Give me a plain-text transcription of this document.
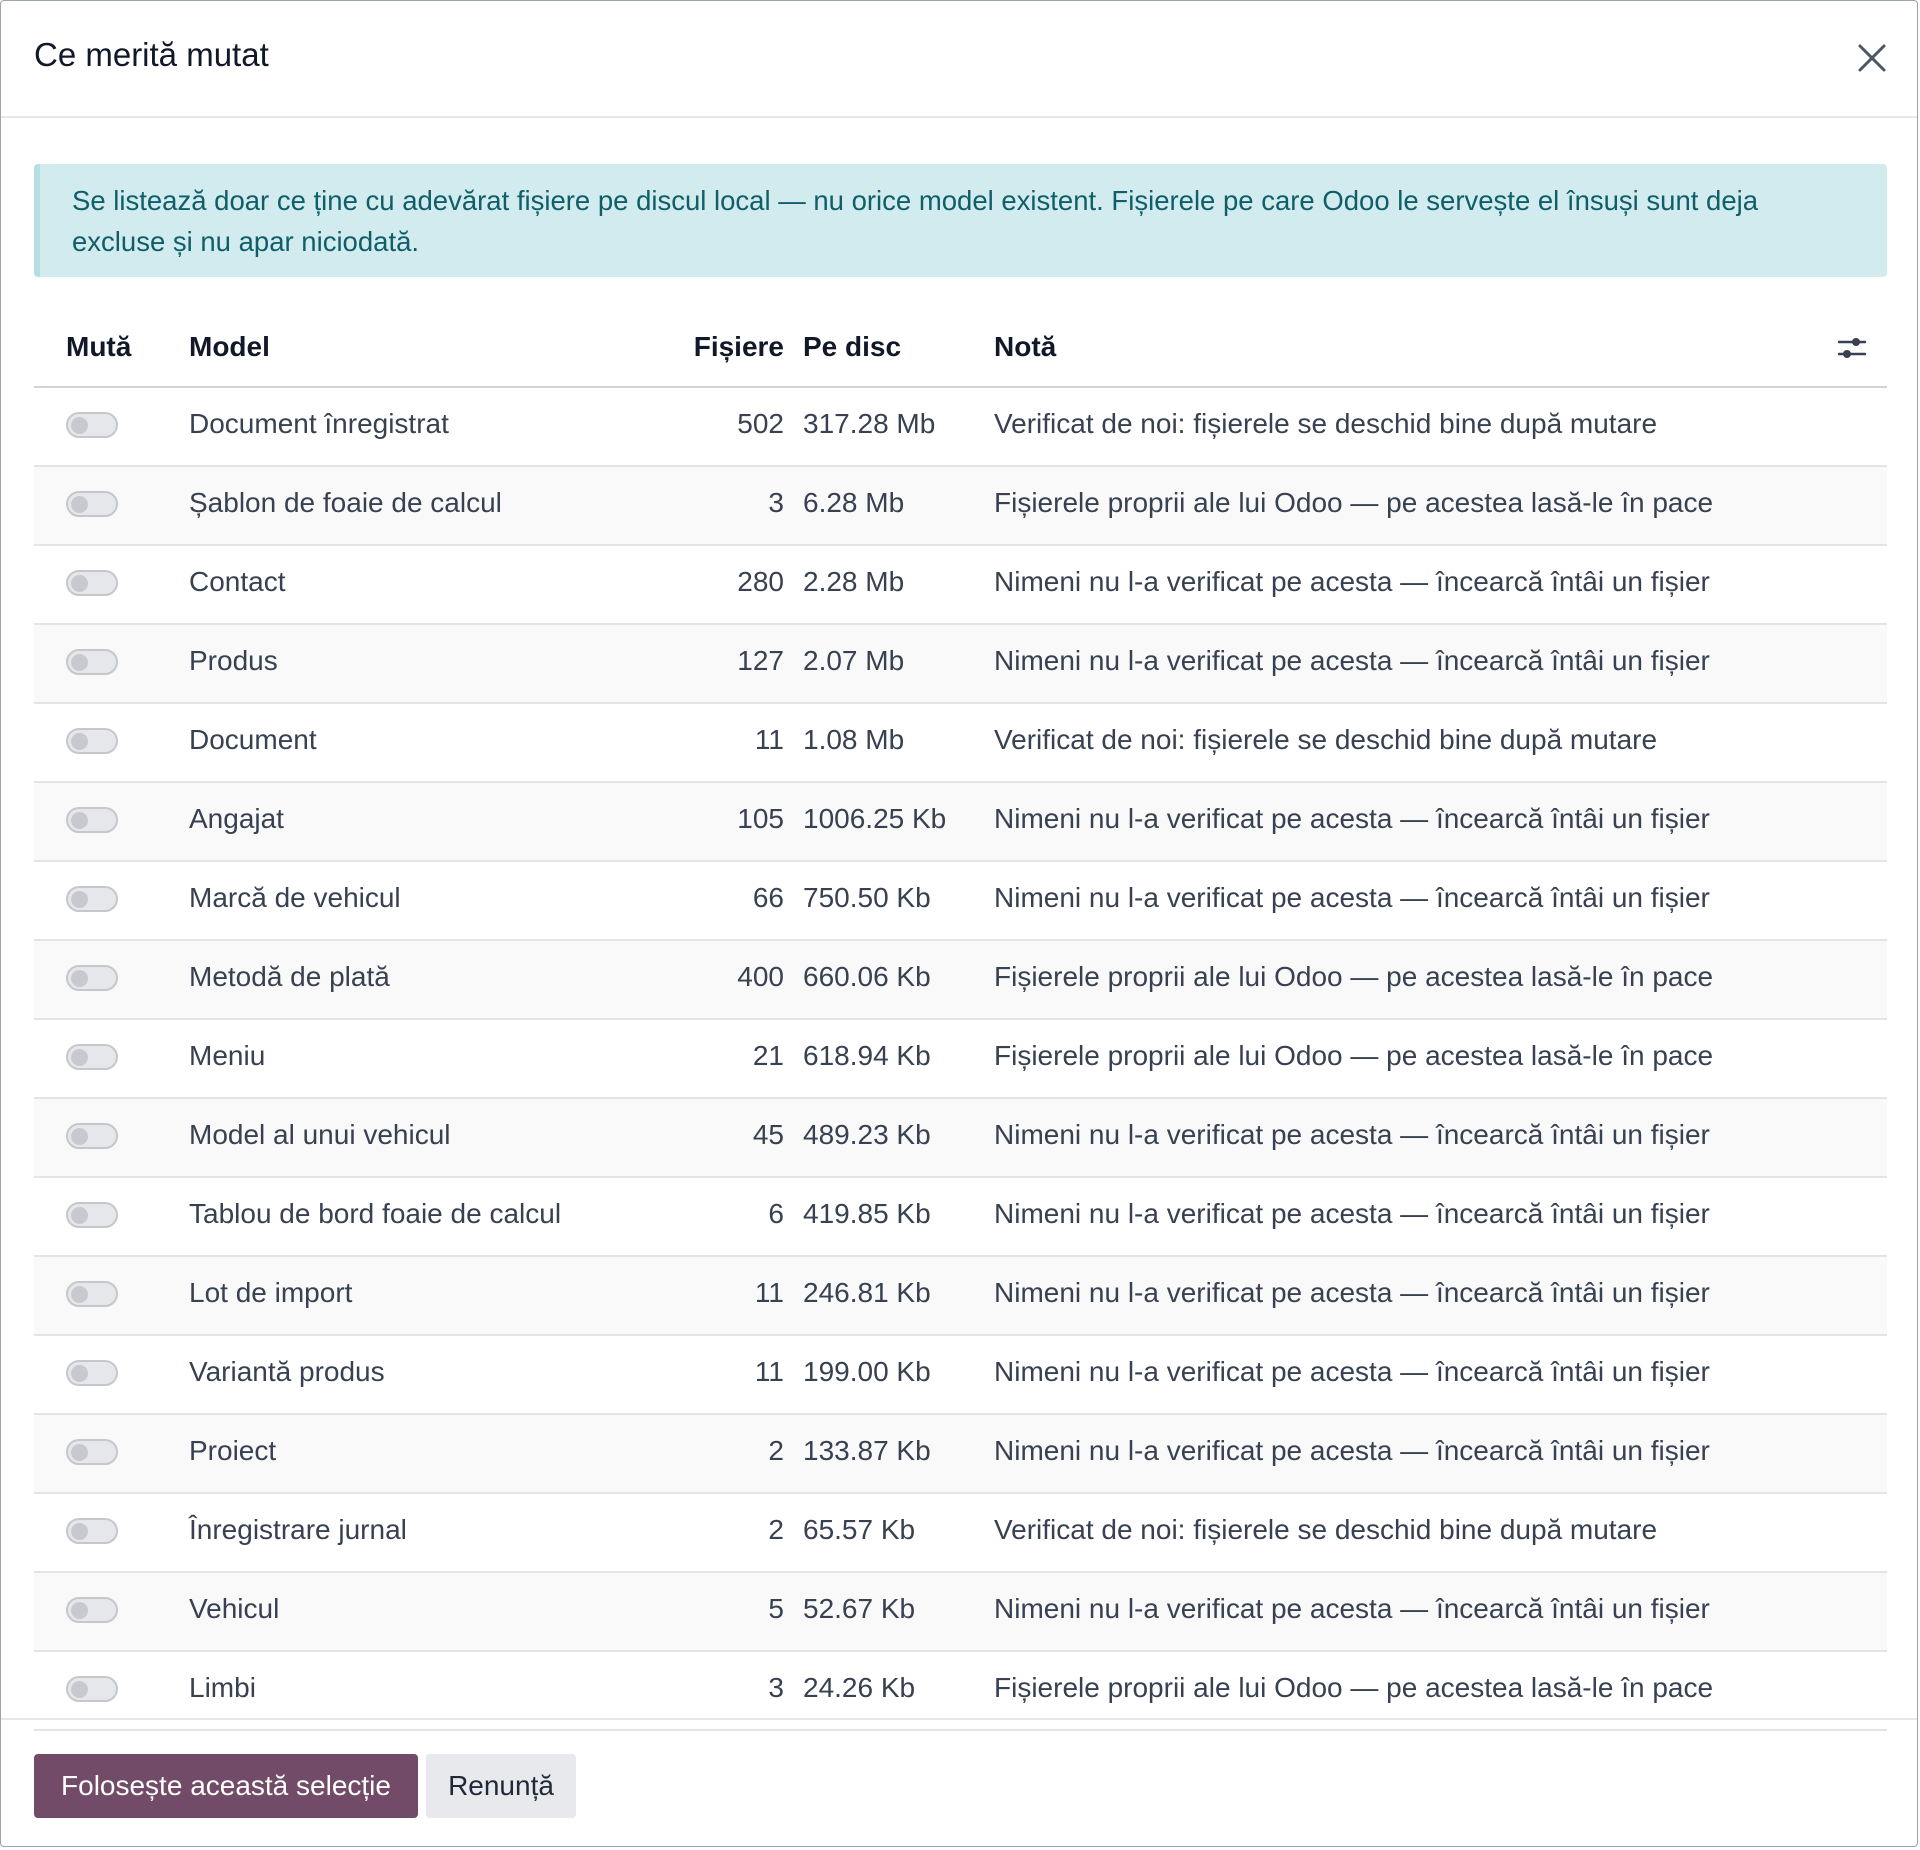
Ce merită mutat
Se listează doar ce ține cu adevărat fișiere pe discul local — nu orice model existent. Fișierele pe care Odoo le servește el însuși sunt deja excluse și nu apar niciodată.
Mută Model	Fișiere Pe disc	Notă
Document înregistrat	502 317.28 Mb Verificat de noi: fișierele se deschid bine după mutare
Șablon de foaie de calcul	3 6.28 Mb	Fișierele proprii ale lui Odoo — pe acestea lasă-le în pace
Contact	280 2.28 Mb	Nimeni nu l-a verificat pe acesta — încearcă întâi un fișier
Produs	127 2.07 Mb	Nimeni nu l-a verificat pe acesta — încearcă întâi un fișier
Document	11 1.08 Mb	Verificat de noi: fișierele se deschid bine după mutare
Angajat	105 1006.25 Kb Nimeni nu l-a verificat pe acesta — încearcă întâi un fișier
Marcă de vehicul	66 750.50 Kb Nimeni nu l-a verificat pe acesta — încearcă întâi un fișier
Metodă de plată	400 660.06 Kb Fișierele proprii ale lui Odoo — pe acestea lasă-le în pace
Meniu	21 618.94 Kb Fișierele proprii ale lui Odoo — pe acestea lasă-le în pace
Model al unui vehicul	45 489.23 Kb Nimeni nu l-a verificat pe acesta — încearcă întâi un fișier
Tablou de bord foaie de calcul	6 419.85 Kb Nimeni nu l-a verificat pe acesta — încearcă întâi un fișier
Lot de import	11 246.81 Kb Nimeni nu l-a verificat pe acesta — încearcă întâi un fișier
Variantă produs	11 199.00 Kb Nimeni nu l-a verificat pe acesta — încearcă întâi un fișier
Proiect	2 133.87 Kb Nimeni nu l-a verificat pe acesta — încearcă întâi un fișier
Înregistrare jurnal	2 65.57 Kb	Verificat de noi: fișierele se deschid bine după mutare
Vehicul	5 52.67 Kb	Nimeni nu l-a verificat pe acesta — încearcă întâi un fișier
Limbi	3 24.26 Kb	Fișierele proprii ale lui Odoo — pe acestea lasă-le în pace
Folosește această selecție	Renunță
